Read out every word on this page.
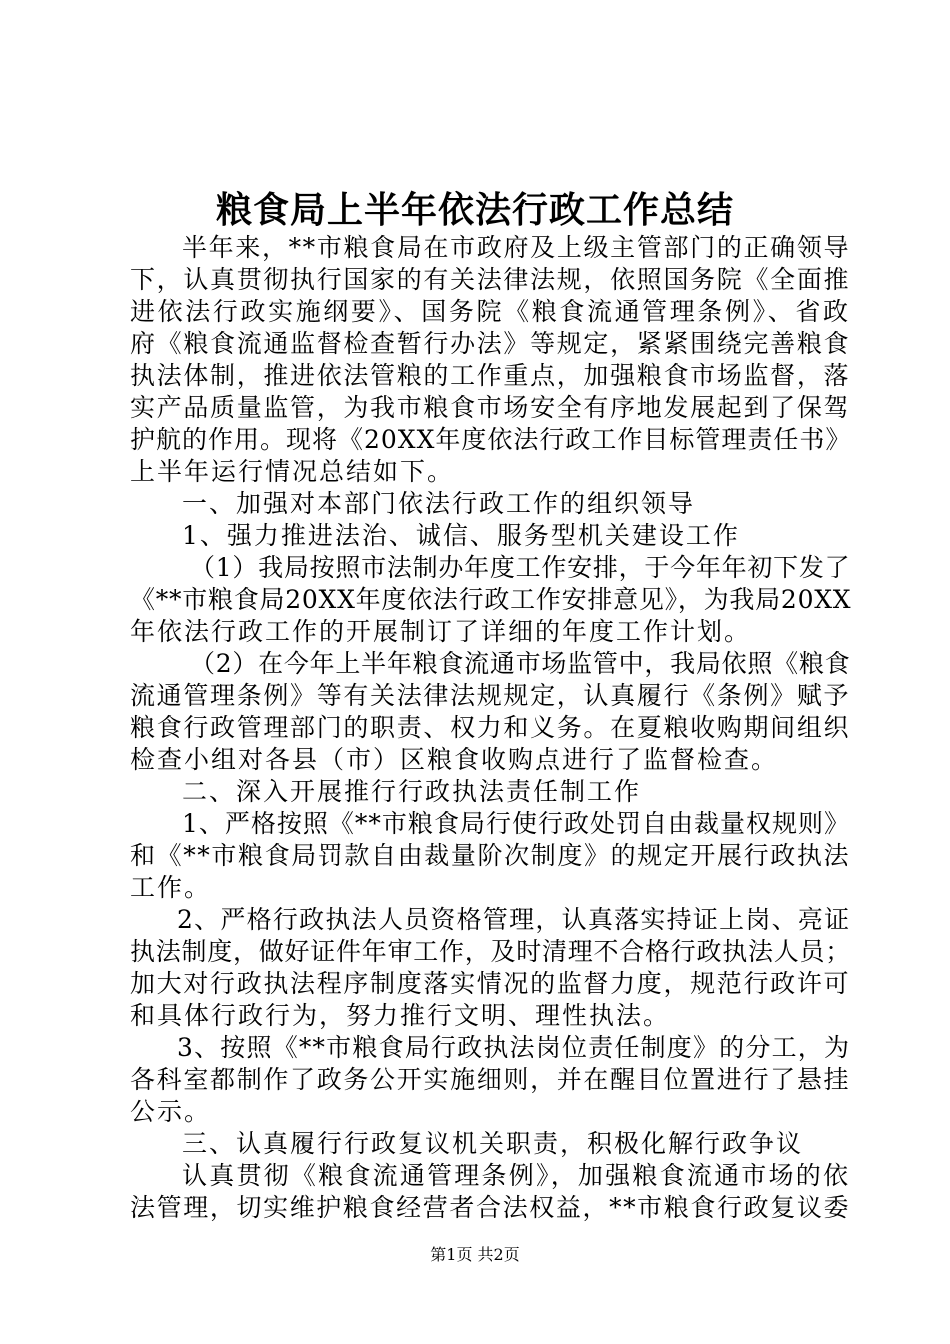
粮食局上半年依法行政工作总结
半年来，**市粮食局在市政府及上级主管部门的正确领导
下，认真贯彻执行国家的有关法律法规，依照国务院《全面推
进依法行政实施纲要》、国务院《粮食流通管理条例》、省政
府《粮食流通监督检查暂行办法》等规定，紧紧围绕完善粮食
执法体制，推进依法管粮的工作重点，加强粮食市场监督，落
实产品质量监管，为我市粮食市场安全有序地发展起到了保驾
护航的作用。现将《20XX年度依法行政工作目标管理责任书》
上半年运行情况总结如下。
一、加强对本部门依法行政工作的组织领导
1、强力推进法治、诚信、服务型机关建设工作
（1）我局按照市法制办年度工作安排，于今年年初下发了
《**市粮食局20XX年度依法行政工作安排意见》，为我局20XX
年依法行政工作的开展制订了详细的年度工作计划。
（2）在今年上半年粮食流通市场监管中，我局依照《粮食
流通管理条例》等有关法律法规规定，认真履行《条例》赋予
粮食行政管理部门的职责、权力和义务。在夏粮收购期间组织
检查小组对各县（市）区粮食收购点进行了监督检查。
二、深入开展推行行政执法责任制工作
1、严格按照《**市粮食局行使行政处罚自由裁量权规则》
和《**市粮食局罚款自由裁量阶次制度》的规定开展行政执法
工作。
2、严格行政执法人员资格管理，认真落实持证上岗、亮证
执法制度，做好证件年审工作，及时清理不合格行政执法人员；
加大对行政执法程序制度落实情况的监督力度，规范行政许可
和具体行政行为，努力推行文明、理性执法。
3、按照《**市粮食局行政执法岗位责任制度》的分工，为
各科室都制作了政务公开实施细则，并在醒目位置进行了悬挂
公示。
三、认真履行行政复议机关职责，积极化解行政争议
认真贯彻《粮食流通管理条例》，加强粮食流通市场的依
法管理，切实维护粮食经营者合法权益，**市粮食行政复议委
第1页 共2页
